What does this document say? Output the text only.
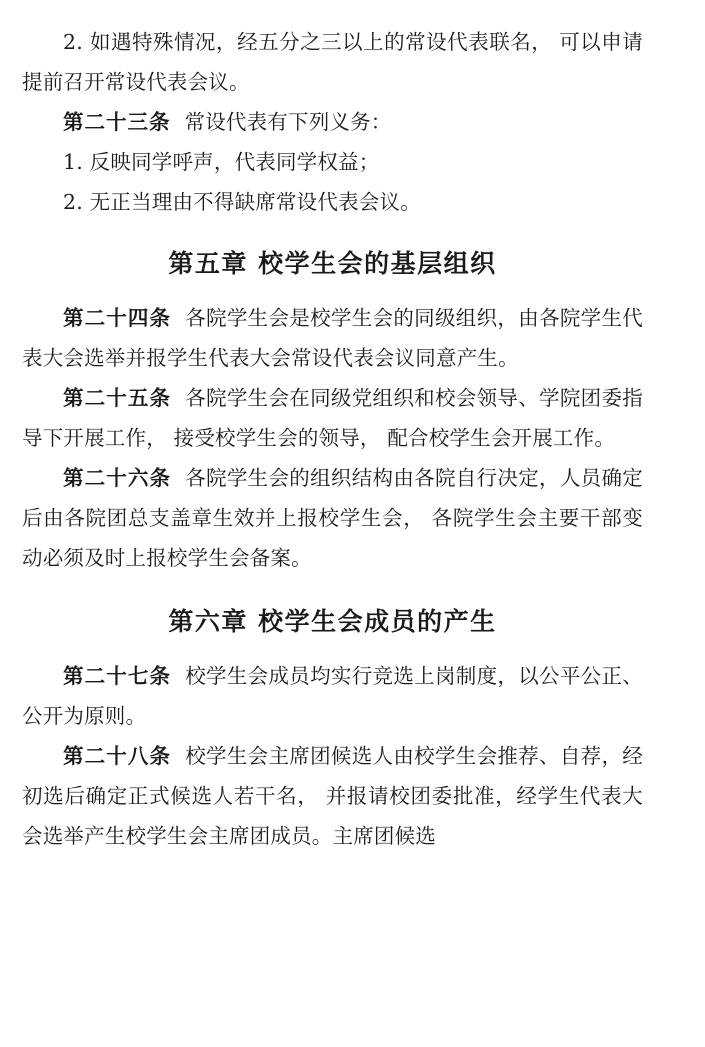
2. 如遇特殊情况，经五分之三以上的常设代表联名， 可以申请提前召开常设代表会议。

第二十三条 常设代表有下列义务：

1. 反映同学呼声，代表同学权益；

2. 无正当理由不得缺席常设代表会议。

第五章 校学生会的基层组织

第二十四条 各院学生会是校学生会的同级组织，由各院学生代表大会选举并报学生代表大会常设代表会议同意产生。

第二十五条 各院学生会在同级党组织和校会领导、学院团委指导下开展工作， 接受校学生会的领导， 配合校学生会开展工作。

第二十六条 各院学生会的组织结构由各院自行决定，人员确定后由各院团总支盖章生效并上报校学生会， 各院学生会主要干部变动必须及时上报校学生会备案。

第六章 校学生会成员的产生

第二十七条 校学生会成员均实行竞选上岗制度，以公平公正、公开为原则。

第二十八条 校学生会主席团候选人由校学生会推荐、自荐，经初选后确定正式候选人若干名， 并报请校团委批准，经学生代表大会选举产生校学生会主席团成员。主席团候选
